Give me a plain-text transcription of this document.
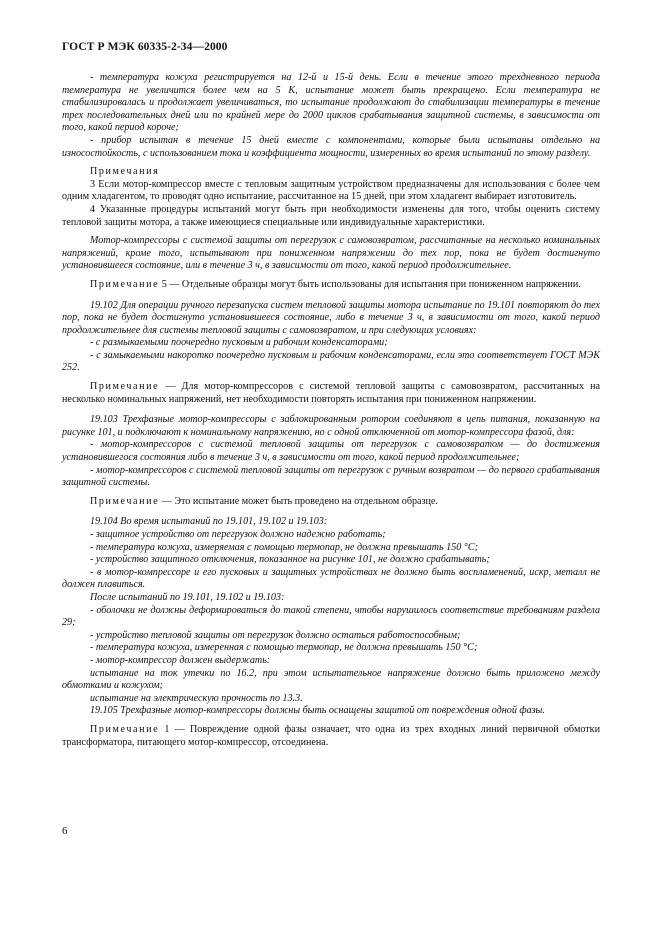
ГОСТ Р МЭК 60335-2-34—2000

- температура кожуха регистрируется на 12-й и 15-й день. Если в течение этого трехдневного периода температура не увеличится более чем на 5 К, испытание может быть прекращено. Если температура не стабилизировалась и продолжает увеличиваться, то испытание продолжают до стабилизации температуры в течение трех последовательных дней или по крайней мере до 2000 циклов срабатывания защитной системы, в зависимости от того, какой период короче;

- прибор испытан в течение 15 дней вместе с компонентами, которые были испытаны отдельно на износостойкость, с использованием тока и коэффициента мощности, измеренных во время испытаний по этому разделу.

Примечания

3 Если мотор-компрессор вместе с тепловым защитным устройством предназначены для использования с более чем одним хладагентом, то проводят одно испытание, рассчитанное на 15 дней, при этом хладагент выбирает изготовитель.

4 Указанные процедуры испытаний могут быть при необходимости изменены для того, чтобы оценить систему тепловой защиты мотора, а также имеющиеся специальные или индивидуальные характеристики.

Мотор-компрессоры с системой защиты от перегрузок с самовозвратом, рассчитанные на несколько номинальных напряжений, кроме того, испытывают при пониженном напряжении до тех пор, пока не будет достигнуто установившееся состояние, или в течение 3 ч, в зависимости от того, какой период продолжительнее.

Примечание 5 — Отдельные образцы могут быть использованы для испытания при пониженном напряжении.

19.102 Для операции ручного перезапуска систем тепловой защиты мотора испытание по 19.101 повторяют до тех пор, пока не будет достигнуто установившееся состояние, либо в течение 3 ч, в зависимости от того, какой период продолжительнее для системы тепловой защиты с самовозвратом, и при следующих условиях:

- с размыкаемыми поочередно пусковым и рабочим конденсаторами;

- с замыкаемыми накоротко поочередно пусковым и рабочим конденсаторами, если это соответствует ГОСТ МЭК 252.

Примечание — Для мотор-компрессоров с системой тепловой защиты с самовозвратом, рассчитанных на несколько номинальных напряжений, нет необходимости повторять испытания при пониженном напряжении.

19.103 Трехфазные мотор-компрессоры с заблокированным ротором соединяют в цепь питания, показанную на рисунке 101, и подключают к номинальному напряжению, но с одной отключенной от мотор-компрессора фазой, для:

- мотор-компрессоров с системой тепловой защиты от перегрузок с самовозвратом — до достижения установившегося состояния либо в течение 3 ч, в зависимости от того, какой период продолжительнее;

- мотор-компрессоров с системой тепловой защиты от перегрузок с ручным возвратом — до первого срабатывания защитной системы.

Примечание — Это испытание может быть проведено на отдельном образце.

19.104 Во время испытаний по 19.101, 19.102 и 19.103:

- защитное устройство от перегрузок должно надежно работать;

- температура кожуха, измеряемая с помощью термопар, не должна превышать 150 °С;

- устройство защитного отключения, показанное на рисунке 101, не должно срабатывать;

- в мотор-компрессоре и его пусковых и защитных устройствах не должно быть воспламенений, искр, металл не должен плавиться.

После испытаний по 19.101, 19.102 и 19.103:

- оболочки не должны деформироваться до такой степени, чтобы нарушилось соответствие требованиям раздела 29;

- устройство тепловой защиты от перегрузок должно остаться работоспособным;

- температура кожуха, измеренная с помощью термопар, не должна превышать 150 °С;

- мотор-компрессор должен выдержать:

испытание на ток утечки по 16.2, при этом испытательное напряжение должно быть приложено между обмотками и кожухом;

испытание на электрическую прочность по 13.3.

19.105 Трехфазные мотор-компрессоры должны быть оснащены защитой от повреждения одной фазы.

Примечание 1 — Повреждение одной фазы означает, что одна из трех входных линий первичной обмотки трансформатора, питающего мотор-компрессор, отсоединена.

6
